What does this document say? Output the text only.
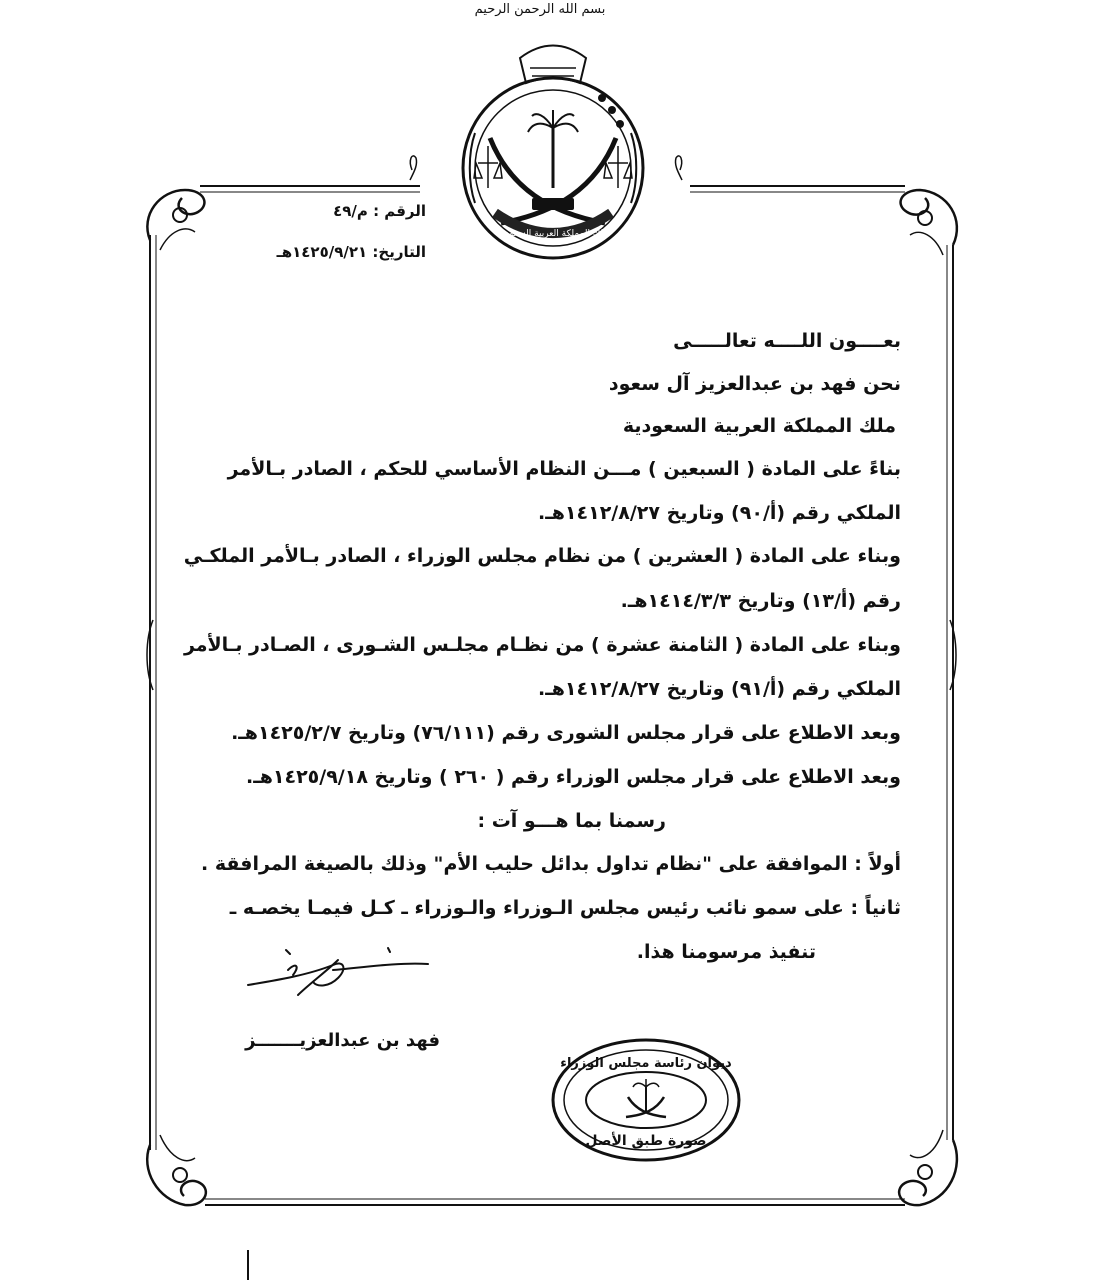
بسم الله الرحمن الرحيم
ملك المملكة العربية السعودية
الرقم : م/٤٩
التاريخ: ١٤٢٥/٩/٢١هـ
بعــــون اللــــه تعالـــــى
نحن فهد بن عبدالعزيز آل سعود
ملك المملكة العربية السعودية
بناءً على المادة ( السبعين ) مـــن النظام الأساسي للحكم ، الصادر بـالأمر
الملكي رقم (أ/٩٠) وتاريخ ١٤١٢/٨/٢٧هـ.
وبناء على المادة ( العشرين ) من نظام مجلس الوزراء ، الصادر بـالأمر الملكـي
رقم (أ/١٣) وتاريخ ١٤١٤/٣/٣هـ.
وبناء على المادة ( الثامنة عشرة ) من نظـام مجلـس الشـورى ، الصـادر بـالأمر
الملكي رقم (أ/٩١) وتاريخ ١٤١٢/٨/٢٧هـ.
وبعد الاطلاع على قرار مجلس الشورى رقم (٧٦/١١١) وتاريخ ١٤٢٥/٢/٧هـ.
وبعد الاطلاع على قرار مجلس الوزراء رقم ( ٢٦٠ ) وتاريخ ١٤٢٥/٩/١٨هـ.
رسمنا بما هـــو آت :
أولاً : الموافقة على "نظام تداول بدائل حليب الأم" وذلك بالصيغة المرافقة .
ثانياً : على سمو نائب رئيس مجلس الـوزراء والـوزراء ـ كـل فيمـا يخصـه ـ
تنفيذ مرسومنا هذا.
فهد بن عبدالعزيـــــــز
ديوان رئاسة مجلس الوزراء
صورة طبق الأصل
